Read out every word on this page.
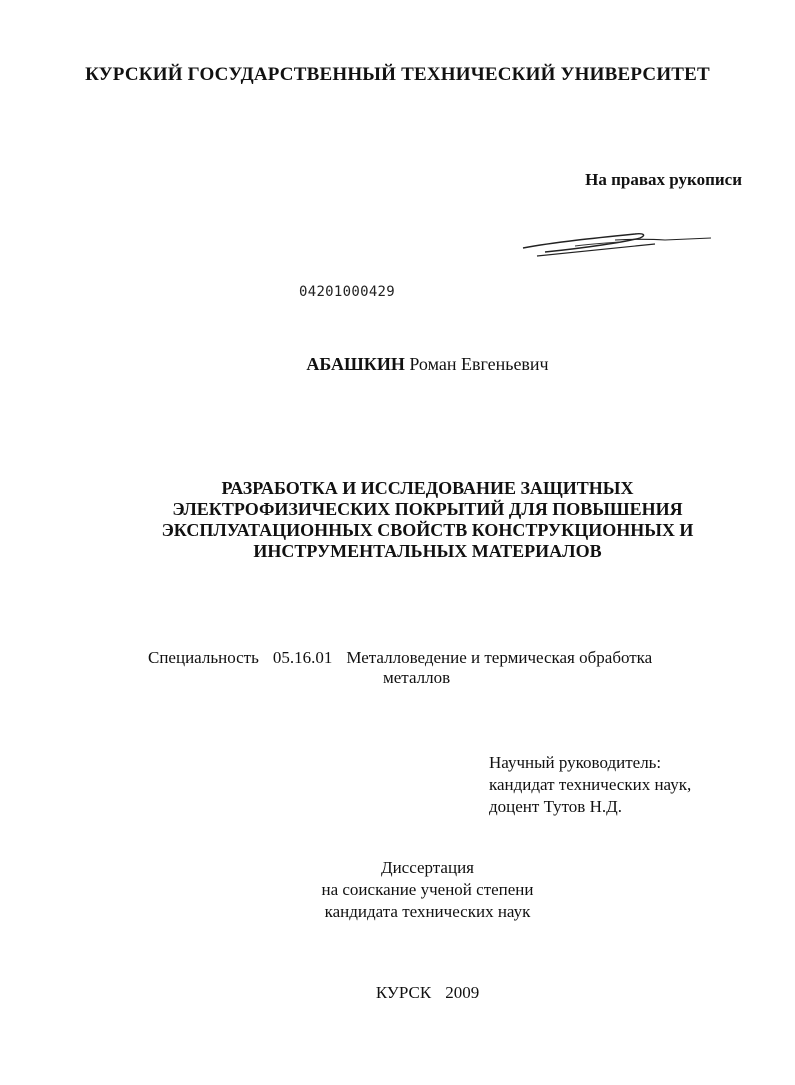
КУРСКИЙ ГОСУДАРСТВЕННЫЙ ТЕХНИЧЕСКИЙ УНИВЕРСИТЕТ
На правах рукописи
04201000429
АБАШКИН Роман Евгеньевич
РАЗРАБОТКА И ИССЛЕДОВАНИЕ ЗАЩИТНЫХ
ЭЛЕКТРОФИЗИЧЕСКИХ ПОКРЫТИЙ ДЛЯ ПОВЫШЕНИЯ
ЭКСПЛУАТАЦИОННЫХ СВОЙСТВ КОНСТРУКЦИОННЫХ И
ИНСТРУМЕНТАЛЬНЫХ МАТЕРИАЛОВ
Специальность 05.16.01 Металловедение и термическая обработка
металлов
Научный руководитель:
кандидат технических наук,
доцент Тутов Н.Д.
Диссертация
на соискание ученой степени
кандидата технических наук
КУРСК 2009
